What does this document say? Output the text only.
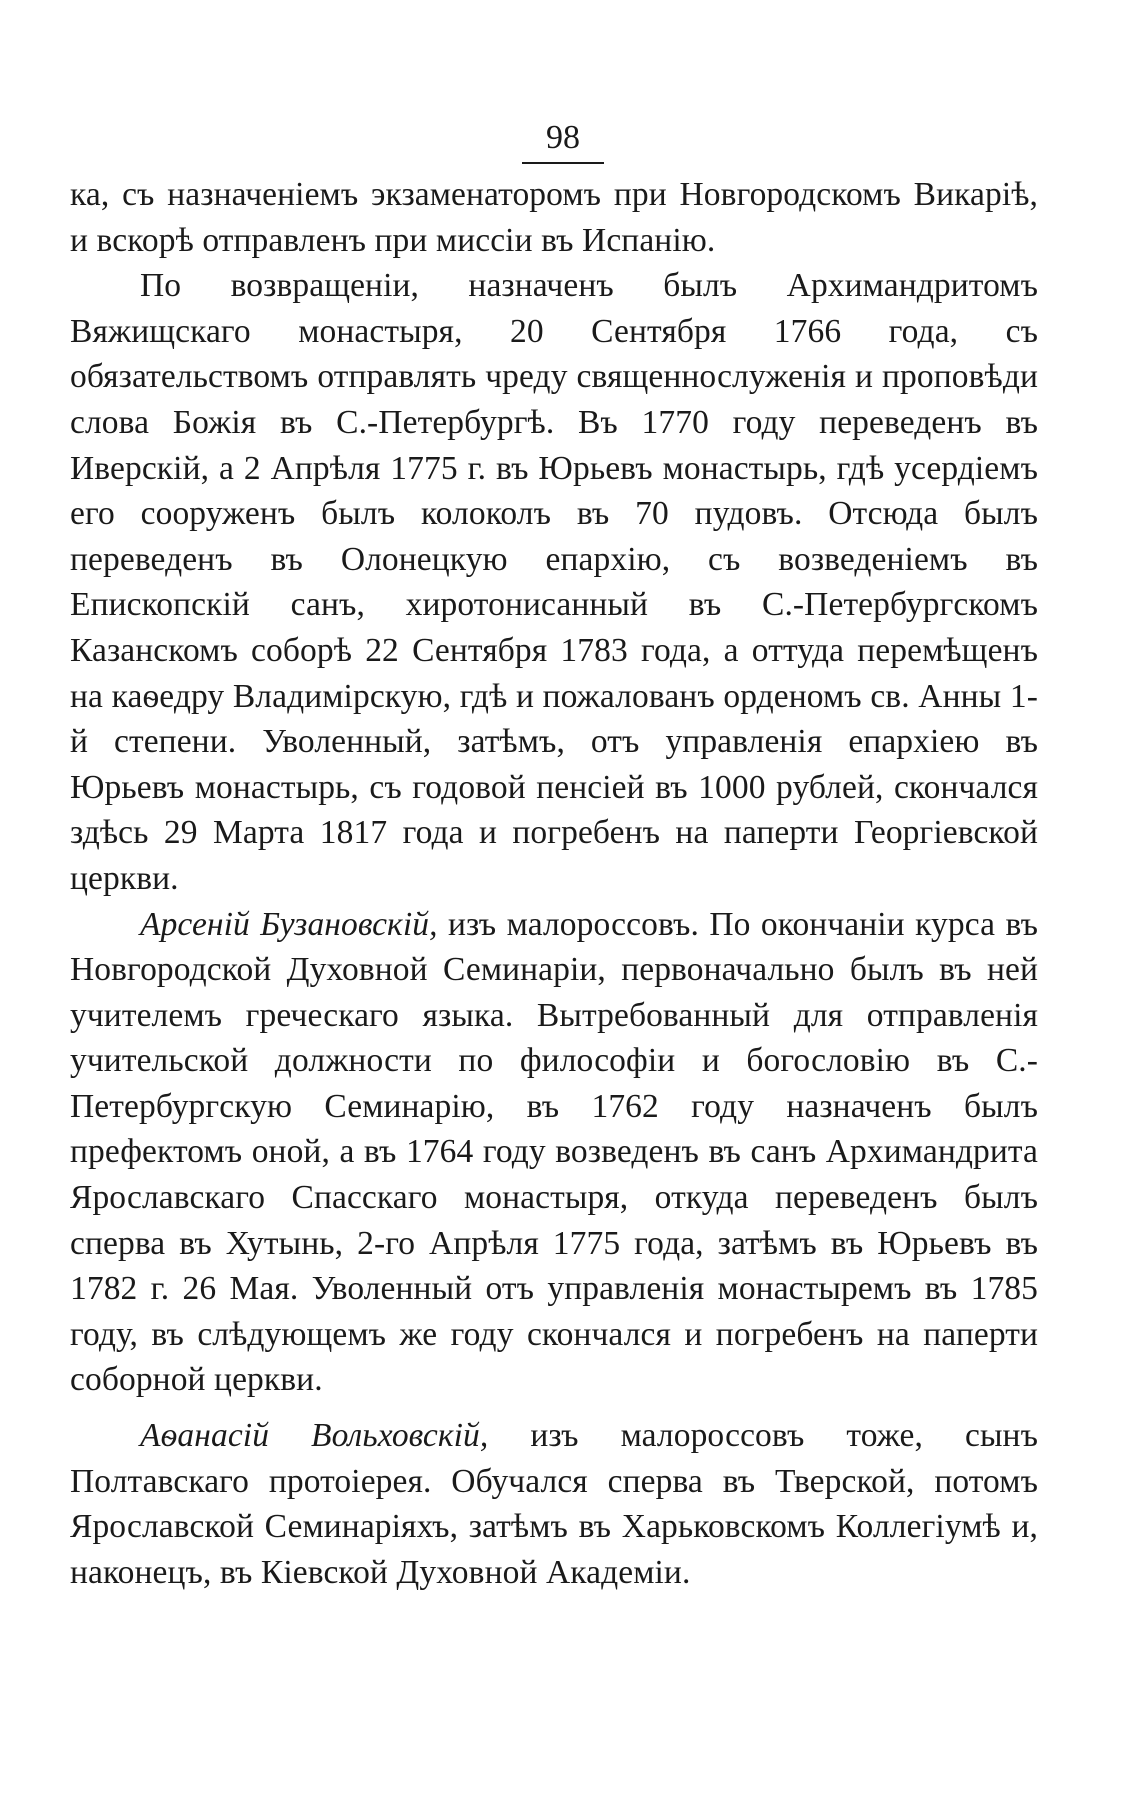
98

ка, съ назначеніемъ экзаменаторомъ при Новгородскомъ Викаріѣ, и вскорѣ отправленъ при миссіи въ Испанію.

По возвращеніи, назначенъ былъ Архимандритомъ Вяжищскаго монастыря, 20 Сентября 1766 года, съ обязательствомъ отправлять чреду священнослуженія и проповѣди слова Божія въ С.-Петербургѣ. Въ 1770 году переведенъ въ Иверскій, а 2 Апрѣля 1775 г. въ Юрьевъ монастырь, гдѣ усердіемъ его сооруженъ былъ колоколъ въ 70 пудовъ. Отсюда былъ переведенъ въ Олонецкую епархію, съ возведеніемъ въ Епископскій санъ, хиротонисанный въ С.-Петербургскомъ Казанскомъ соборѣ 22 Сентября 1783 года, а оттуда перемѣщенъ на каѳедру Владимірскую, гдѣ и пожалованъ орденомъ св. Анны 1-й степени. Уволенный, затѣмъ, отъ управленія епархіею въ Юрьевъ монастырь, съ годовой пенсіей въ 1000 рублей, скончался здѣсь 29 Марта 1817 года и погребенъ на паперти Георгіевской церкви.

Арсеній Бузановскій, изъ малороссовъ. По окончаніи курса въ Новгородской Духовной Семинаріи, первоначально былъ въ ней учителемъ греческаго языка. Вытребованный для отправленія учительской должности по философіи и богословію въ С.-Петербургскую Семинарію, въ 1762 году назначенъ былъ префектомъ оной, а въ 1764 году возведенъ въ санъ Архимандрита Ярославскаго Спасскаго монастыря, откуда переведенъ былъ сперва въ Хутынь, 2-го Апрѣля 1775 года, затѣмъ въ Юрьевъ въ 1782 г. 26 Мая. Уволенный отъ управленія монастыремъ въ 1785 году, въ слѣдующемъ же году скончался и погребенъ на паперти соборной церкви.

Аѳанасій Вольховскій, изъ малороссовъ тоже, сынъ Полтавскаго протоіерея. Обучался сперва въ Тверской, потомъ Ярославской Семинаріяхъ, затѣмъ въ Харьковскомъ Коллегіумѣ и, наконецъ, въ Кіевской Духовной Академіи.
